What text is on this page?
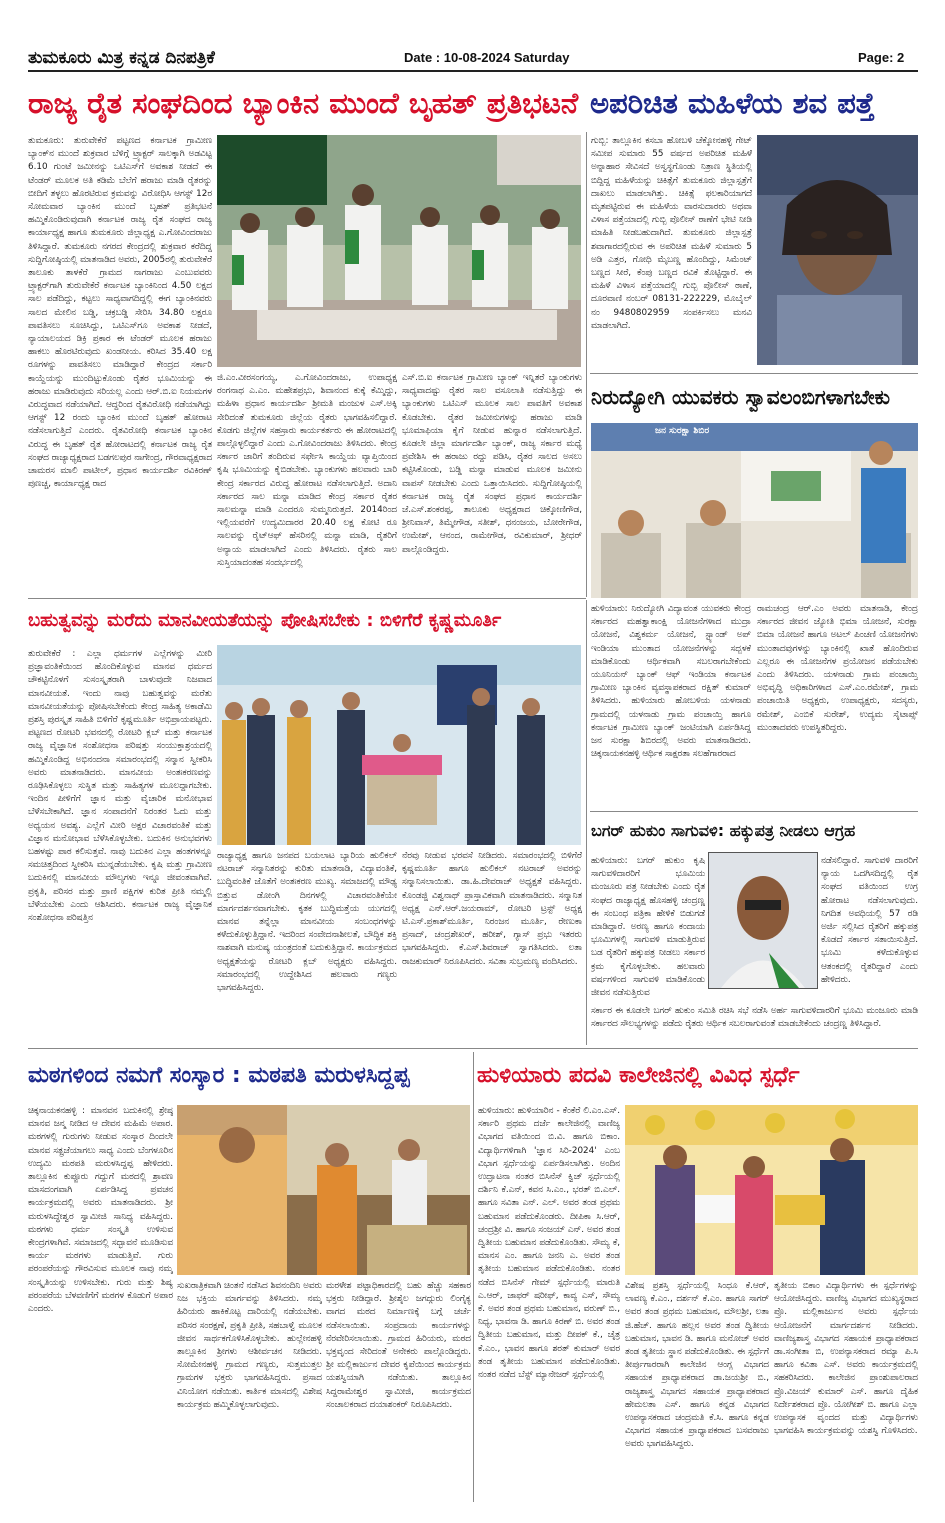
ತುಮಕೂರು ಮಿತ್ರ ಕನ್ನಡ ದಿನಪತ್ರಿಕೆ	Date : 10-08-2024 Saturday	Page: 2
ರಾಜ್ಯ ರೈತ ಸಂಘದಿಂದ ಬ್ಯಾಂಕಿನ ಮುಂದೆ ಬೃಹತ್ ಪ್ರತಿಭಟನೆ ಅಪರಿಚಿತ ಮಹಿಳೆಯ ಶವ ಪತ್ತೆ

ತುಮಕೂರು: ತುರುವೇಕೆರೆ ಪಟ್ಟಣದ ಕರ್ನಾಟಕ ಗ್ರಾಮೀಣ ಬ್ಯಾಂಕ್‌ನ ಮುಂದೆ ಶುಕ್ರವಾರ ಬೆಳಿಗ್ಗೆ ಟ್ರ್ಯಾಕ್ಟರ್ ಸಾಲಕ್ಕಾಗಿ ಅಡವಿಟ್ಟ 6.10 ಗುಂಟೆ ಜಮೀನನ್ನು ಒಟಿಎಸ್‌ಗೆ ಅವಕಾಶ ನೀಡದೆ ಈ ಟೆಂಡರ್ ಮೂಲಕ ಅತಿ ಕಡಿಮೆ ಬೆಲೆಗೆ ಹರಾಜು ಮಾಡಿ ರೈತರನ್ನು ಬೀದಿಗೆ ತಳ್ಳಲು ಹೊರಟಿರುವ ಕ್ರಮವನ್ನು ವಿರೋಧಿಸಿ ಆಗಸ್ಟ್ 12ರ ಸೋಮವಾರ ಬ್ಯಾಂಕಿನ ಮುಂದೆ ಬೃಹತ್ ಪ್ರತಿಭಟನೆ ಹಮ್ಮಿಕೊಂಡಿರುವುದಾಗಿ ಕರ್ನಾಟಕ ರಾಜ್ಯ ರೈತ ಸಂಘದ ರಾಜ್ಯ ಕಾರ್ಯಾಧ್ಯಕ್ಷ ಹಾಗೂ ತುಮಕೂರು ಜಿಲ್ಲಾಧ್ಯಕ್ಷ ಎ.ಗೋವಿಂದರಾಜು ತಿಳಿಸಿದ್ದಾರೆ. ತುಮಕೂರು ನಗರದ ಕೇಂದ್ರದಲ್ಲಿ ಶುಕ್ರವಾರ ಕರೆದಿದ್ದ ಸುದ್ದಿಗೋಷ್ಠಿಯಲ್ಲಿ ಮಾತನಾಡಿದ ಅವರು, 2005ರಲ್ಲಿ ತುರುವೇಕೆರೆ ತಾಲೂಕು ತಾಳಕೆರೆ ಗ್ರಾಮದ ನಾಗರಾಜು ಎಂಬುವವರು ಟ್ರ್ಯಾಕ್ಟರ್‌ಗಾಗಿ ತುರುವೇಕೆರೆ ಕರ್ನಾಟಕ ಬ್ಯಾಂಕಿನಿಂದ 4.50 ಲಕ್ಷದ ಸಾಲ ಪಡೆದಿದ್ದು, ಕಟ್ಟಲು ಸಾಧ್ಯವಾಗದಿದ್ದಲ್ಲಿ ಈಗ ಬ್ಯಾಂಕಿನವರು ಸಾಲದ ಮೇಲಿನ ಬಡ್ಡಿ, ಚಕ್ರಬಡ್ಡಿ ಸೇರಿಸಿ 34.80 ಲಕ್ಷರೂ ಪಾವತಿಸಲು ಸೂಚಿಸಿದ್ದು, ಒಟಿಎಸ್‌ಗೂ ಅವಕಾಶ ನೀಡದೆ, ನ್ಯಾಯಾಲಯದ ಡಿಕ್ರಿ ಪ್ರಕಾರ ಈ ಟೆಂಡರ್ ಮೂಲಕ ಹರಾಜು ಹಾಕಲು ಹೊರಟಿರುವುದು ಖಂಡನೀಯ. ಕರಿಸಿದ 35.40 ಲಕ್ಷ ರೂಗಳನ್ನು ಪಾವತಿಸಲು ಮಾಡಿದ್ದಾರೆ ಕೇಂದ್ರದ ಸರ್ಕಾರಿ ಕಾಯ್ದೆಯನ್ನು ಮುಂದಿಟ್ಟುಕೊಂಡು ರೈತರ ಭೂಮಿಯನ್ನು ಈ ಹರಾಜು ಮಾಡಿರುವುದು ಸರಿಯಲ್ಲ ಎಂದು ಆರ್.ಬಿ.ಐ ನಿಯಮಗಳ ವಿರುದ್ಧವಾದ ನಡೆಯಾಗಿದೆ. ಆದ್ದರಿಂದ ರೈತವಿರೋಧಿ ನಡೆಯಾಗಿದ್ದು ಆಗಸ್ಟ್ 12 ರಂದು ಬ್ಯಾಂಕಿನ ಮುಂದೆ ಬೃಹತ್ ಹೋರಾಟ ನಡೆಸಲಾಗುತ್ತಿದೆ ಎಂದರು. ರೈತವಿರೋಧಿ ಕರ್ನಾಟಕ ಬ್ಯಾಂಕಿನ ವಿರುದ್ಧ ಈ ಬೃಹತ್ ರೈತ ಹೋರಾಟದಲ್ಲಿ ಕರ್ನಾಟಕ ರಾಜ್ಯ ರೈತ ಸಂಘದ ರಾಜ್ಯಾಧ್ಯಕ್ಷರಾದ ಬಡಗಲಪುರ ನಾಗೇಂದ್ರ, ಗೌರವಾಧ್ಯಕ್ಷರಾದ ಚಾಮರಸ ಮಾಲಿ ಪಾಟೀಲ್, ಪ್ರಧಾನ ಕಾರ್ಯದರ್ಶಿ ರವಿಕಿರಣ್ ಪುಣಚ್ಚ, ಕಾರ್ಯಾಧ್ಯಕ್ಷ ರಾದ

ಜಿ.ಎಂ.ವೀರಸಂಗಯ್ಯ, ಎ.ಗೋವಿಂದರಾಜು, ಉಪಾಧ್ಯಕ್ಷ ರಂಗನಾಥ ಎ.ಎಂ. ಮಹೇಶಪ್ರಭು, ಶಿವಾನಂದ ಕುಕ್ಕೆ ಕೆಮ್ಮಿದ್ದು, ಮಹಿಳಾ ಪ್ರಧಾನ ಕಾರ್ಯದರ್ಶಿ ಶ್ರೀಮತಿ ಮಂಜುಳ ಎಸ್.ಅಕ್ಕಿ ಸೇರಿದಂತೆ ತುಮಕೂರು ಜಿಲ್ಲೆಯ ರೈತರು ಭಾಗವಹಿಸಲಿದ್ದಾರೆ. ಕೊಡಗು ಜಿಲ್ಲೆಗಳ ಸಹಸ್ರಾರು ಕಾರ್ಯಕರ್ತರು ಈ ಹೋರಾಟದಲ್ಲಿ ಪಾಲ್ಗೊಳ್ಳಲಿದ್ದಾರೆ ಎಂದು ಎ.ಗೋವಿಂದರಾಜು ತಿಳಿಸಿದರು. ಕೇಂದ್ರ ಸರ್ಕಾರ ಜಾರಿಗೆ ತಂದಿರುವ ಸರ್ಫೇಸಿ ಕಾಯ್ದೆಯ ವ್ಯಾಪ್ತಿಯಿಂದ ಕೃಷಿ ಭೂಮಿಯನ್ನು ಕೈಬಿಡಬೇಕು. ಬ್ಯಾಂಕುಗಳು ಹಲವಾರು ಬಾರಿ ಕೇಂದ್ರ ಸರ್ಕಾರದ ವಿರುದ್ಧ ಹೋರಾಟ ನಡೆಸಲಾಗುತ್ತಿದೆ. ಅದಾನಿ ಸರ್ಕಾರದ ಸಾಲ ಮನ್ನಾ ಮಾಡಿದ ಕೇಂದ್ರ ಸರ್ಕಾರ ರೈತರ ಸಾಲಮನ್ನಾ ಮಾಡಿ ಎಂದರೂ ಸುಮ್ಮನಿರುತ್ತದೆ. 2014ರಿಂದ ಇಲ್ಲಿಯವರೆಗೆ ಉದ್ಯಮಿದಾರರ 20.40 ಲಕ್ಷ ಕೋಟಿ ರೂ ಸಾಲವನ್ನು ರೈಟ್‌ಆಫ್ ಹೆಸರಿನಲ್ಲಿ ಮನ್ನಾ ಮಾಡಿ, ರೈತರಿಗೆ ಅನ್ಯಾಯ ಮಾಡಲಾಗಿದೆ ಎಂದು ತಿಳಿಸಿದರು. ರೈತರು ಸಾಲ ಸುಸ್ತಿಯಾದಂತಹ ಸಂದರ್ಭದಲ್ಲಿ

ಎಸ್.ಬಿ.ಐ ಕರ್ನಾಟಕ ಗ್ರಾಮೀಣ ಬ್ಯಾಂಕ್ ಇನ್ನಿತರೆ ಬ್ಯಾಂಕುಗಳು ಸಾಧ್ಯವಾದಷ್ಟು ರೈತರ ಸಾಲ ವಸೂಲಾತಿ ನಡೆಸುತ್ತಿದ್ದು ಈ ಬ್ಯಾಂಕುಗಳು ಒಟಿಎಸ್ ಮೂಲಕ ಸಾಲ ಪಾವತಿಗೆ ಅವಕಾಶ ಕೊಡಬೇಕು. ರೈತರ ಜಮೀನುಗಳನ್ನು ಹರಾಜು ಮಾಡಿ ಭೂಮಾಫಿಯಾ ಕೈಗೆ ನೀಡುವ ಹುನ್ನಾರ ನಡೆಸಲಾಗುತ್ತಿದೆ. ಕೂಡಲೇ ಜಿಲ್ಲಾ ಮಾರ್ಗದರ್ಶಿ ಬ್ಯಾಂಕ್, ರಾಜ್ಯ ಸರ್ಕಾರ ಮಧ್ಯೆ ಪ್ರವೇಶಿಸಿ ಈ ಹರಾಜು ರದ್ದು ಪಡಿಸಿ, ರೈತರ ಸಾಲದ ಅಸಲು ಕಟ್ಟಿಸಿಕೊಂಡು, ಬಡ್ಡಿ ಮನ್ನಾ ಮಾಡುವ ಮೂಲಕ ಜಮೀನು ವಾಪಸ್ ನೀಡಬೇಕು ಎಂದು ಒತ್ತಾಯಿಸಿದರು. ಸುದ್ದಿಗೋಷ್ಠಿಯಲ್ಲಿ ಕರ್ನಾಟಕ ರಾಜ್ಯ ರೈತ ಸಂಘದ ಪ್ರಧಾನ ಕಾರ್ಯದರ್ಶಿ ಜೆ.ಎಸ್.ಶಂಕರಪ್ಪ, ತಾಲೂಕು ಅಧ್ಯಕ್ಷರಾದ ಚಿಕ್ಕೋಣಿಗೌಡ, ಶ್ರೀನಿವಾಸ್, ತಿಮ್ಮೇಗೌಡ, ಸತೀಶ್, ಧನಂಜಯ, ಬೋರೇಗೌಡ, ಉಮೇಶ್, ಆನಂದ, ರಾಮೇಗೌಡ, ರವಿಕುಮಾರ್, ಶ್ರೀಧರ್ ಪಾಲ್ಗೊಂಡಿದ್ದರು.

ಗುಬ್ಬಿ: ತಾಲ್ಲೂಕಿನ ಕಸಬಾ ಹೋಬಳಿ ಚೆಕ್ಕೋನಹಳ್ಳಿ ಗೇಟ್ ಸಮೀಪ ಸುಮಾರು 55 ವರ್ಷದ ಅಪರಿಚಿತ ಮಹಿಳೆ ಅನ್ನಾಹಾರ ಸೇವಿಸದೆ ಅಸ್ವಸ್ಥಗೊಂಡು ನಿತ್ರಾಣ ಸ್ಥಿತಿಯಲ್ಲಿ ಬಿದ್ದಿದ್ದ ಮಹಿಳೆಯನ್ನು ಚಿಕಿತ್ಸೆಗೆ ತುಮಕೂರು ಜಿಲ್ಲಾಸ್ಪತ್ರೆಗೆ ದಾಖಲು ಮಾಡಲಾಗಿತ್ತು. ಚಿಕಿತ್ಸೆ ಫಲಕಾರಿಯಾಗದೆ ಮೃತಪಟ್ಟಿರುವ ಈ ಮಹಿಳೆಯ ವಾರಸುದಾರರು ಅಥವಾ ವಿಳಾಸ ಪತ್ತೆಯಾದಲ್ಲಿ ಗುಬ್ಬಿ ಪೊಲೀಸ್ ಠಾಣೆಗೆ ಭೇಟಿ ನೀಡಿ ಮಾಹಿತಿ ನೀಡಬಹುದಾಗಿದೆ. ತುಮಕೂರು ಜಿಲ್ಲಾಸ್ಪತ್ರೆ ಶವಾಗಾರದಲ್ಲಿರುವ ಈ ಅಪರಿಚಿತ ಮಹಿಳೆ ಸುಮಾರು 5 ಅಡಿ ಎತ್ತರ, ಗೋಧಿ ಮೈಬಣ್ಣ ಹೊಂದಿದ್ದು, ಸಿಮೆಂಟ್ ಬಣ್ಣದ ಸೀರೆ, ಕೆಂಪು ಬಣ್ಣದ ರವಿಕೆ ತೊಟ್ಟಿದ್ದಾರೆ. ಈ ಮಹಿಳೆ ವಿಳಾಸ ಪತ್ತೆಯಾದಲ್ಲಿ ಗುಬ್ಬಿ ಪೊಲೀಸ್ ಠಾಣೆ, ದೂರವಾಣಿ ನಂಬರ್ 08131-222229, ಮೊಬೈಲ್ ನಂ 9480802959 ಸಂಪರ್ಕಿಸಲು ಮನವಿ ಮಾಡಲಾಗಿದೆ.

ನಿರುದ್ಯೋಗಿ ಯುವಕರು ಸ್ವಾವಲಂಬಿಗಳಾಗಬೇಕು
ಜನ ಸುರಕ್ಷಾ ಶಿಬಿರ
ಬಹುತ್ವವನ್ನು ಮರೆದು ಮಾನವೀಯತೆಯನ್ನು ಪೋಷಿಸಬೇಕು : ಬಿಳಿಗೆರೆ ಕೃಷ್ಣಮೂರ್ತಿ

ತುರುವೇಕೆರೆ : ಎಲ್ಲಾ ಧರ್ಮಗಳ ಎಲ್ಲೆಗಳನ್ನು ಮೀರಿ ಪ್ರಜ್ಞಾವಂತಿಕೆಯಿಂದ ಹೊಂದಿಕೊಳ್ಳುವ ಮಾನವ ಧರ್ಮದ ಚೌಕಟ್ಟಿನೊಳಗೆ ಸುಸಂಸ್ಕೃತರಾಗಿ ಬಾಳುವುದೇ ನಿಜವಾದ ಮಾನವೀಯತೆ. ಇಂದು ನಾವು ಬಹುತ್ವವನ್ನು ಮರೆತು ಮಾನವೀಯತೆಯನ್ನು ಪೋಷಿಸಬೇಕೆಂದು ಕೇಂದ್ರ ಸಾಹಿತ್ಯ ಅಕಾಡೆಮಿ ಪ್ರಶಸ್ತಿ ಪುರಸ್ಕೃತ ಸಾಹಿತಿ ಬಿಳಿಗೆರೆ ಕೃಷ್ಣಮೂರ್ತಿ ಅಭಿಪ್ರಾಯಪಟ್ಟರು. ಪಟ್ಟಣದ ರೋಟರಿ ಭವನದಲ್ಲಿ ರೋಟರಿ ಕ್ಲಬ್ ಮತ್ತು ಕರ್ನಾಟಕ ರಾಜ್ಯ ವೈಜ್ಞಾನಿಕ ಸಂಶೋಧನಾ ಪರಿಷತ್ತು ಸಂಯುಕ್ತಾಶ್ರಯದಲ್ಲಿ ಹಮ್ಮಿಕೊಂಡಿದ್ದ ಅಭಿನಂದನಾ ಸಮಾರಂಭದಲ್ಲಿ ಸನ್ಮಾನ ಸ್ವೀಕರಿಸಿ ಅವರು ಮಾತನಾಡಿದರು. ಮಾನವೀಯ ಅಂತಃಕರಣವನ್ನು ರೂಢಿಸಿಕೊಳ್ಳಲು ಸುಸ್ಥಿತ ಮತ್ತು ಸಾಹಿತ್ಯಗಳ ಮೂಲದ್ದಾಗಬೇಕು. ಇಂದಿನ ಪೀಳಿಗೆಗೆ ಜ್ಞಾನ ಮತ್ತು ವೈಚಾರಿಕ ಮನೋಭಾವ ಬೆಳೆಸಬೇಕಾಗಿದೆ. ಜ್ಞಾನ ಸಂಪಾದನೆಗೆ ನಿರಂತರ ಓದು ಮತ್ತು ಅಧ್ಯಯನ ಅವಶ್ಯ. ಎಲ್ಲೆಗೆ ಮೀರಿ ಅಕ್ಷರ ವಿಚಾರವಂತಿಕೆ ಮತ್ತು ವಿಜ್ಞಾನ ಮನೋಭಾವ ಬೆಳೆಸಿಕೊಳ್ಳಬೇಕು. ಬದುಕಿನ ಅನುಭವಗಳು ಬಹಳಷ್ಟು ಪಾಠ ಕಲಿಸುತ್ತವೆ. ನಾವು ಬದುಕಿನ ಎಲ್ಲಾ ಹಂತಗಳನ್ನೂ ಸಮಚಿತ್ತದಿಂದ ಸ್ವೀಕರಿಸಿ ಮುನ್ನಡೆಯಬೇಕು. ಕೃಷಿ ಮತ್ತು ಗ್ರಾಮೀಣ ಬದುಕಿನಲ್ಲಿ ಮಾನವೀಯ ಮೌಲ್ಯಗಳು ಇನ್ನೂ ಜೀವಂತವಾಗಿವೆ. ಪ್ರಕೃತಿ, ಪರಿಸರ ಮತ್ತು ಪ್ರಾಣಿ ಪಕ್ಷಿಗಳ ಕುರಿತ ಪ್ರೀತಿ ನಮ್ಮಲ್ಲಿ ಬೆಳೆಯಬೇಕು ಎಂದು ಆಶಿಸಿದರು. ಕರ್ನಾಟಕ ರಾಜ್ಯ ವೈಜ್ಞಾನಿಕ ಸಂಶೋಧನಾ ಪರಿಷತ್ತಿನ

ರಾಜ್ಯಾಧ್ಯಕ್ಷ ಹಾಗೂ ಜನಪದ ಬಯಲಾಟ ಬ್ಯಾರಿಯ ಹುಲಿಕಲ್ ನಟರಾಜ್ ಸನ್ಮಾನಿತರನ್ನು ಕುರಿತು ಮಾತನಾಡಿ, ವಿದ್ಯಾವಂತಿಕೆ, ಬುದ್ಧಿವಂತಿಕೆ ಜೊತೆಗೆ ಅಂತಃಕರಣ ಮುಖ್ಯ. ಸಮಾಜದಲ್ಲಿ ಮೌಢ್ಯ ಬಿತ್ತುವ ಡೋಂಗಿ ದಿನಗಳಲ್ಲಿ ವಿಚಾರವಂತಿಕೆಯೇ ಮಾರ್ಗದರ್ಶನವಾಗಬೇಕು. ಕೃತಕ ಬುದ್ಧಿಮತ್ತೆಯ ಯುಗದಲ್ಲಿ ಮಾನವ ತನ್ನೆಲ್ಲಾ ಮಾನವೀಯ ಸಂಬಂಧಗಳನ್ನು ಕಳೆದುಕೊಳ್ಳುತ್ತಿದ್ದಾನೆ. ಇದರಿಂದ ಸಂವೇದನಾಶೀಲತೆ, ಬೌದ್ಧಿಕ ಶಕ್ತಿ ನಾಶವಾಗಿ ಮನುಷ್ಯ ಯಂತ್ರದಂತೆ ಬದುಕುತ್ತಿದ್ದಾನೆ. ಕಾರ್ಯಕ್ರಮದ ಅಧ್ಯಕ್ಷತೆಯನ್ನು ರೋಟರಿ ಕ್ಲಬ್ ಅಧ್ಯಕ್ಷರು ವಹಿಸಿದ್ದರು. ಸಮಾರಂಭದಲ್ಲಿ ಉದ್ದೇಶಿಸಿದ ಹಲವಾರು ಗಣ್ಯರು ಭಾಗವಹಿಸಿದ್ದರು.

ನೆರವು ನೀಡುವ ಭರವಸೆ ನೀಡಿದರು. ಸಮಾರಂಭದಲ್ಲಿ ಬಿಳಿಗೆರೆ ಕೃಷ್ಣಮೂರ್ತಿ ಹಾಗೂ ಹುಲಿಕಲ್ ನಟರಾಜ್ ಅವರನ್ನು ಸನ್ಮಾನಿಸಲಾಯಿತು. ಡಾ.ಹಿ.ದೇವರಾಜ್ ಅಧ್ಯಕ್ಷತೆ ವಹಿಸಿದ್ದರು. ಕೊಂಡಜ್ಜಿ ವಿಶ್ವನಾಥ್ ಪ್ರಾಸ್ತಾವಿಕವಾಗಿ ಮಾತನಾಡಿದರು. ಸನ್ಮಾನಿತ ಅಧ್ಯಕ್ಷ ಎನ್.ಆರ್.ಜಯರಾಮ್, ರೋಟರಿ ಟ್ರಸ್ಟ್ ಅಧ್ಯಕ್ಷ ಟಿ.ಎಸ್.ಪ್ರಕಾಶ್‌ಮೂರ್ತಿ, ನಿರಂಜನ ಮೂರ್ತಿ, ರೇಣುಕಾ ಪ್ರಸಾದ್, ಚಂದ್ರಶೇಖರ್, ಹರೀಶ್, ಗ್ಯಾಸ್ ಪ್ರಭು ಇತರರು ಭಾಗವಹಿಸಿದ್ದರು. ಕೆ.ಎಸ್.ಶಿವರಾಜ್ ಸ್ವಾಗತಿಸಿದರು. ಲತಾ ರಾಜಕುಮಾರ್ ನಿರೂಪಿಸಿದರು. ಸವಿತಾ ಸುಬ್ರಮಣ್ಯ ವಂದಿಸಿದರು.

ಹುಳಿಯಾರು: ನಿರುದ್ಯೋಗಿ ವಿದ್ಯಾವಂತ ಯುವಕರು ಕೇಂದ್ರ ಸರ್ಕಾರದ ಮಹತ್ವಾಕಾಂಕ್ಷಿ ಯೋಜನೆಗಳಾದ ಮುದ್ರಾ ಯೋಜನೆ, ವಿಶ್ವಕರ್ಮ ಯೋಜನೆ, ಸ್ಟ್ಯಾಂಡ್ ಅಪ್ ಇಂಡಿಯಾ ಮುಂತಾದ ಯೋಜನೆಗಳನ್ನು ಸದ್ಬಳಕೆ ಮಾಡಿಕೊಂಡು ಆರ್ಥಿಕವಾಗಿ ಸಬಲರಾಗಬೇಕೆಂದು ಯೂನಿಯನ್ ಬ್ಯಾಂಕ್ ಆಫ್ ಇಂಡಿಯಾ ಕರ್ನಾಟಕ ಗ್ರಾಮೀಣ ಬ್ಯಾಂಕಿನ ವ್ಯವಸ್ಥಾಪಕರಾದ ರಕ್ಷಿತ್ ಕುಮಾರ್ ತಿಳಿಸಿದರು. ಹುಳಿಯಾರು ಹೋಬಳಿಯ ಯಳನಾಡು ಗ್ರಾಮದಲ್ಲಿ ಯಳನಾಡು ಗ್ರಾಮ ಪಂಚಾಯ್ತಿ ಹಾಗೂ ಕರ್ನಾಟಕ ಗ್ರಾಮೀಣ ಬ್ಯಾಂಕ್ ಜಂಟಿಯಾಗಿ ಏರ್ಪಡಿಸಿದ್ದ ಜನ ಸುರಕ್ಷಾ ಶಿಬಿರದಲ್ಲಿ ಅವರು ಮಾತನಾಡಿದರು. ಚಿಕ್ಕನಾಯಕನಹಳ್ಳಿ ಆರ್ಥಿಕ ಸಾಕ್ಷರತಾ ಸಲಹೆಗಾರರಾದ

ರಾಮಚಂದ್ರ ಆರ್.ಎಂ ಅವರು ಮಾತನಾಡಿ, ಕೇಂದ್ರ ಸರ್ಕಾರದ ಜೀವನ ಜ್ಯೋತಿ ಭಿಮಾ ಯೋಜನೆ, ಸುರಕ್ಷಾ ಬಿಮಾ ಯೋಜನೆ ಹಾಗೂ ಅಟಲ್ ಪಿಂಚಣಿ ಯೋಜನೆಗಳು ಮುಂತಾದವುಗಳನ್ನು ಬ್ಯಾಂಕಿನಲ್ಲಿ ಖಾತೆ ಹೊಂದಿರುವ ಎಲ್ಲರೂ ಈ ಯೋಜನೆಗಳ ಪ್ರಯೋಜನ ಪಡೆಯಬೇಕು ಎಂದು ತಿಳಿಸಿದರು. ಯಳನಾಡು ಗ್ರಾಮ ಪಂಚಾಯ್ತಿ ಅಭಿವೃದ್ಧಿ ಅಧಿಕಾರಿಗಳಾದ ಎಸ್.ಎಂ.ರಮೇಶ್, ಗ್ರಾಮ ಪಂಚಾಯಿತಿ ಅಧ್ಯಕ್ಷರು, ಉಪಾಧ್ಯಕ್ಷರು, ಸದಸ್ಯರು, ರಮೇಶ್, ಎಂಬಿಕೆ ಸುರೇಶ್, ಉದ್ಯಮ ಸೈಟಾಪ್ಸ್ ಮುಂತಾದವರು ಉಪಸ್ಥಿತರಿದ್ದರು.

ಬಗರ್ ಹುಕುಂ ಸಾಗುವಳಿ: ಹಕ್ಕುಪತ್ರ ನೀಡಲು ಆಗ್ರಹ

ಹುಳಿಯಾರು: ಬಗರ್ ಹುಕುಂ ಕೃಷಿ ಸಾಗುವಳಿದಾರರಿಗೆ ಭೂಮಿಯ ಮಂಜೂರು ಪತ್ರ ನೀಡಬೇಕು ಎಂದು ರೈತ ಸಂಘದ ರಾಜ್ಯಾಧ್ಯಕ್ಷ ಹೊಸಹಳ್ಳಿ ಚಂದ್ರಣ್ಣ ಈ ಸಂಬಂಧ ಪತ್ರಿಕಾ ಹೇಳಿಕೆ ಬಿಡುಗಡೆ ಮಾಡಿದ್ದಾರೆ. ಅರಣ್ಯ ಹಾಗೂ ಕಂದಾಯ ಭೂಮಿಗಳಲ್ಲಿ ಸಾಗುವಳಿ ಮಾಡುತ್ತಿರುವ ಬಡ ರೈತರಿಗೆ ಹಕ್ಕುಪತ್ರ ನೀಡಲು ಸರ್ಕಾರ ಕ್ರಮ ಕೈಗೊಳ್ಳಬೇಕು. ಹಲವಾರು ವರ್ಷಗಳಿಂದ ಸಾಗುವಳಿ ಮಾಡಿಕೊಂಡು ಜೀವನ ನಡೆಸುತ್ತಿರುವ

ನಡೆಸಲಿದ್ದಾರೆ. ಸಾಗುವಳಿ ದಾರರಿಗೆ ನ್ಯಾಯ ಒದಗಿಸದಿದ್ದಲ್ಲಿ ರೈತ ಸಂಘದ ವತಿಯಿಂದ ಉಗ್ರ ಹೋರಾಟ ನಡೆಸಲಾಗುವುದು. ನಿಗದಿತ ಅವಧಿಯಲ್ಲಿ 57 ರಡಿ ಅರ್ಜಿ ಸಲ್ಲಿಸಿದ ರೈತರಿಗೆ ಹಕ್ಕುಪತ್ರ ಕೊಡದೆ ಸರ್ಕಾರ ಸತಾಯಿಸುತ್ತಿದೆ. ಭೂಮಿ ಕಳೆದುಕೊಳ್ಳುವ ಆತಂಕದಲ್ಲಿ ರೈತರಿದ್ದಾರೆ ಎಂದು ಹೇಳಿದರು.

ಸರ್ಕಾರ ಈ ಕೂಡಲೇ ಬಗರ್ ಹುಕುಂ ಸಮಿತಿ ರಚಿಸಿ ಸಭೆ ನಡೆಸಿ ಅರ್ಹ ಸಾಗುವಳಿದಾರರಿಗೆ ಭೂಮಿ ಮಂಜೂರು ಮಾಡಿ ಸರ್ಕಾರದ ಸೌಲಭ್ಯಗಳನ್ನು ಪಡೆದು ರೈತರು ಆರ್ಥಿಕ ಸಬಲರಾಗುವಂತೆ ಮಾಡಬೇಕೆಂದು ಚಂದ್ರಣ್ಣ ತಿಳಿಸಿದ್ದಾರೆ.

ಮಠಗಳಿಂದ ನಮಗೆ ಸಂಸ್ಕಾರ : ಮಠಪತಿ ಮರುಳಸಿದ್ದಪ್ಪ	ಹುಳಿಯಾರು ಪದವಿ ಕಾಲೇಜಿನಲ್ಲಿ ವಿವಿಧ ಸ್ಪರ್ಧೆ

ಚಿಕ್ಕನಾಯಕನಹಳ್ಳಿ : ಮಾನವನ ಬದುಕಿನಲ್ಲಿ ಶ್ರೇಷ್ಠ ಮಾನವ ಜನ್ಮ ನೀಡಿದ ಆ ದೇವನ ಮಹಿಮೆ ಅಪಾರ. ಮಠಗಳಲ್ಲಿ ಗುರುಗಳು ನೀಡುವ ಸಂಸ್ಕಾರ ದಿಂದಲೇ ಮಾನವ ಸತ್ಪ್ರಜೆಯಾಗಲು ಸಾಧ್ಯ ಎಂದು ಬೆಂಗಳೂರಿನ ಉದ್ಯಮಿ ಮಠಪತಿ ಮರುಳಸಿದ್ದಪ್ಪ ಹೇಳಿದರು. ತಾಲ್ಲೂಕಿನ ಕುಪ್ಪೂರು ಗದ್ದುಗೆ ಮಠದಲ್ಲಿ ಶ್ರಾವಣ ಮಾಸದಂಗವಾಗಿ ಏರ್ಪಡಿಸಿದ್ದ ಪ್ರವಚನ ಕಾರ್ಯಕ್ರಮದಲ್ಲಿ ಅವರು ಮಾತನಾಡಿದರು. ಶ್ರೀ ಮರುಳಸಿದ್ಧೇಶ್ವರ ಸ್ವಾಮೀಜಿ ಸಾನಿಧ್ಯ ವಹಿಸಿದ್ದರು. ಮಠಗಳು ಧರ್ಮ ಸಂಸ್ಕೃತಿ ಉಳಿಸುವ ಕೇಂದ್ರಗಳಾಗಿವೆ. ಸಮಾಜದಲ್ಲಿ ಸದ್ಭಾವನೆ ಮೂಡಿಸುವ ಕಾರ್ಯ ಮಠಗಳು ಮಾಡುತ್ತಿವೆ. ಗುರು ಪರಂಪರೆಯನ್ನು ಗೌರವಿಸುವ ಮೂಲಕ ನಾವು ನಮ್ಮ ಸಂಸ್ಕೃತಿಯನ್ನು ಉಳಿಸಬೇಕು. ಗುರು ಮತ್ತು ಶಿಷ್ಯ ಪರಂಪರೆಯ ಬೆಳವಣಿಗೆಗೆ ಮಠಗಳ ಕೊಡುಗೆ ಅಪಾರ ಎಂದರು.

ಸುಖರಾತ್ರಿಕವಾಗಿ ಚಿಂತನೆ ನಡೆಸಿದ ಶಿವನಂದಿನಿ ಅವರು ನಿಜ ಭಕ್ತಿಯ ಮಾರ್ಗವನ್ನು ತಿಳಿಸಿದರು. ನಮ್ಮ ಹಿರಿಯರು ಹಾಕಿಕೊಟ್ಟ ದಾರಿಯಲ್ಲಿ ನಡೆಯಬೇಕು. ಪರಿಸರ ಸಂರಕ್ಷಣೆ, ಪ್ರಕೃತಿ ಪ್ರೀತಿ, ಸಹಬಾಳ್ವೆ ಮೂಲಕ ಜೀವನ ಸಾರ್ಥಕಗೊಳಿಸಿಕೊಳ್ಳಬೇಕು. ಹುಲ್ಲೇನಹಳ್ಳಿ ತಾಲ್ಲೂಕಿನ ಶ್ರೀಗಳು ಆಶೀರ್ವಚನ ನೀಡಿದರು. ಸೋಮೇನಹಳ್ಳಿ ಗ್ರಾಮದ ಗಣ್ಯರು, ಸುತ್ತಮುತ್ತಲ ಗ್ರಾಮಗಳ ಭಕ್ತರು ಭಾಗವಹಿಸಿದ್ದರು. ಪ್ರಸಾದ ವಿನಿಯೋಗ ನಡೆಯಿತು. ಕಾರ್ತಿಕ ಮಾಸದಲ್ಲಿ ವಿಶೇಷ ಕಾರ್ಯಕ್ರಮ ಹಮ್ಮಿಕೊಳ್ಳಲಾಗುವುದು.

ಮರಳೇಶ ಪಟ್ಟಾಧಿಕಾರದಲ್ಲಿ ಬಹು ಹೆಚ್ಚು ಸಹಕಾರ ಭಕ್ತರು ನೀಡಿದ್ದಾರೆ. ಶ್ರೀಶೈಲ ಜಗದ್ಗುರು ಲಿಂಗೈಕ್ಯ ವಾಗದ ಮಠದ ನಿರ್ಮಾಣಕ್ಕೆ ಬಗ್ಗೆ ಚರ್ಚೆ ನಡೆಸಲಾಯಿತು. ಸಂಪ್ರದಾಯ ಕಾರ್ಯಗಳನ್ನು ನೆರವೇರಿಸಲಾಯಿತು. ಗ್ರಾಮದ ಹಿರಿಯರು, ಮಠದ ಭಕ್ತವೃಂದ ಸೇರಿದಂತೆ ಅನೇಕರು ಪಾಲ್ಗೊಂಡಿದ್ದರು. ಶ್ರೀ ಮಲ್ಲಿಕಾರ್ಜುನ ದೇವರ ಕೃಪೆಯಿಂದ ಕಾರ್ಯಕ್ರಮ ಯಶಸ್ವಿಯಾಗಿ ನಡೆಯಿತು. ತಾಲ್ಲೂಕಿನ ಸಿದ್ದರಾಮೇಶ್ವರ ಸ್ವಾಮೀಜಿ, ಕಾರ್ಯಕ್ರಮದ ಸಂಚಾಲಕರಾದ ದಯಾಶಂಕರ್ ನಿರೂಪಿಸಿದರು.

ಹುಳಿಯಾರು: ಹುಳಿಯಾರಿನ - ಕೆಂಕೆರೆ ಲಿ.ಎಂ.ಎಸ್. ಸರ್ಕಾರಿ ಪ್ರಥಮ ದರ್ಜೆ ಕಾಲೇಜಿನಲ್ಲಿ ವಾಣಿಜ್ಯ ವಿಭಾಗದ ವತಿಯಿಂದ ಬಿ.ವಿ. ಹಾಗೂ ಬಿಕಾಂ. ವಿದ್ಯಾರ್ಥಿಗಳಿಗಾಗಿ 'ಜ್ಞಾನ ಸಿರಿ-2024' ಎಂಬ ವಿಭಾಗ ಸ್ಪರ್ಧೆಯನ್ನು ಏರ್ಪಡಿಸಲಾಗಿತ್ತು. ಅಂದಿನ ಉದ್ಘಾಟನಾ ನಂತರ ಬಿಸಿನೆಸ್ ಕ್ವಿಜ್ ಸ್ಪರ್ಧೆಯಲ್ಲಿ ದರ್ಶಿನಿ ಕೆ.ಎನ್, ಕವನ ಸಿ.ಎಂ., ಭರತ್ ಬಿ.ಎಲ್. ಹಾಗೂ ಸವಿತಾ ಎನ್. ಎಲ್. ಅವರ ತಂಡ ಪ್ರಥಮ ಬಹುಮಾನ ಪಡೆದುಕೊಂಡರು. ದೀಪಿಕಾ ಸಿ.ಆರ್, ಚಂದ್ರಶ್ರೀ ವಿ. ಹಾಗೂ ಸಂಜಯ್ ಎನ್. ಅವರ ತಂಡ ದ್ವಿತೀಯ ಬಹುಮಾನ ಪಡೆದುಕೊಂಡಿತು. ಸೌಮ್ಯ ಕೆ, ಮಾನಸ ಎಂ. ಹಾಗೂ ಜನನಿ ಎ. ಅವರ ತಂಡ ತೃತೀಯ ಬಹುಮಾನ ಪಡೆದುಕೊಂಡಿತು. ನಂತರ ನಡೆದ ಬಿಸಿನೆಸ್ ಗೇಮ್ ಸ್ಪರ್ಧೆಯಲ್ಲಿ ಮಾರುತಿ ಎ.ಆರ್, ಜಾಫರ್ ಷರೀಫ್, ಕಾವ್ಯ ಎಸ್, ಸೌಮ್ಯ ಕೆ. ಅವರ ತಂಡ ಪ್ರಥಮ ಬಹುಮಾನ, ವರುಣ್ ಬಿ., ನಿಧ್ಯ, ಭಾವನಾ ಡಿ. ಹಾಗೂ ಕಿರಣ್ ಬಿ. ಅವರ ತಂಡ ದ್ವಿತೀಯ ಬಹುಮಾನ, ಮತ್ತು ದೀಪಕ್ ಕೆ., ಚೈತ್ರ ಕೆ.ಎಂ., ಭಾವನ ಹಾಗೂ ಶರತ್ ಕುಮಾರ್ ಅವರ ತಂಡ ತೃತೀಯ ಬಹುಮಾನ ಪಡೆದುಕೊಂಡಿತು. ನಂತರ ನಡೆದ ಬೆಸ್ಟ್ ಮ್ಯಾನೇಜರ್ ಸ್ಪರ್ಧೆಯಲ್ಲಿ

ವಿಶೇಷ ಪ್ರಶಸ್ತಿ ಸ್ಪರ್ಧೆಯಲ್ಲಿ ಸಿಂಧೂ ಕೆ.ಆರ್, ಲಾವಣ್ಯ ಕೆ.ಎಂ., ದರ್ಶನ್ ಕೆ.ಎಂ. ಹಾಗೂ ಸಾಗರ್ ಅವರ ತಂಡ ಪ್ರಥಮ ಬಹುಮಾನ, ಮೌಲಶ್ರೀ, ಲತಾ ಜಿ.ಹೆಚ್. ಹಾಗೂ ಹಲ್ಲನ ಅವರ ತಂಡ ದ್ವಿತೀಯ ಬಹುಮಾನ, ಭಾವನ ಡಿ. ಹಾಗೂ ಮನೋಜ್ ಅವರ ತಂಡ ತೃತೀಯ ಸ್ಥಾನ ಪಡೆದುಕೊಂಡಿತು. ಈ ಸ್ಪರ್ಧೆಗೆ ತೀರ್ಪುಗಾರರಾಗಿ ಕಾಲೇಜಿನ ಆಂಗ್ಲ ವಿಭಾಗದ ಸಹಾಯಕ ಪ್ರಾಧ್ಯಾಪಕರಾದ ಡಾ.ಜಯಶ್ರೀ ಬಿ., ರಾಜ್ಯಶಾಸ್ತ್ರ ವಿಭಾಗದ ಸಹಾಯಕ ಪ್ರಾಧ್ಯಾಪಕರಾದ ಹೇಮಲತಾ ಎಸ್. ಹಾಗೂ ಕನ್ನಡ ವಿಭಾಗದ ಉಪನ್ಯಾಸಕರಾದ ಚಂದ್ರಮತಿ ಕೆ.ಸಿ. ಹಾಗೂ ಕನ್ನಡ ವಿಭಾಗದ ಸಹಾಯಕ ಪ್ರಾಧ್ಯಾಪಕರಾದ ಬಸವರಾಜು ಅವರು ಭಾಗವಹಿಸಿದ್ದರು.

ತೃತೀಯ ಬಿಕಾಂ ವಿದ್ಯಾರ್ಥಿಗಳು ಈ ಸ್ಪರ್ಧೆಗಳನ್ನು ಆಯೋಜಿಸಿದ್ದರು. ವಾಣಿಜ್ಯ ವಿಭಾಗದ ಮುಖ್ಯಸ್ಥರಾದ ಪ್ರೊ. ಮಲ್ಲಿಕಾರ್ಜುನ ಅವರು ಸ್ಪರ್ಧೆಯ ಆಯೋಜನೆಗೆ ಮಾರ್ಗದರ್ಶನ ನೀಡಿದರು. ವಾಣಿಜ್ಯಶಾಸ್ತ್ರ ವಿಭಾಗದ ಸಹಾಯಕ ಪ್ರಾಧ್ಯಾಪಕರಾದ ಡಾ.ಸಂಗೀತಾ ಬಿ, ಉಪನ್ಯಾಸಕರಾದ ರಮ್ಯಾ ಪಿ.ಸಿ ಹಾಗೂ ಕವಿತಾ ಎಸ್. ಅವರು ಕಾರ್ಯಕ್ರಮದಲ್ಲಿ ಸಹಕರಿಸಿದರು. ಕಾಲೇಜಿನ ಪ್ರಾಂಶುಪಾಲರಾದ ಪ್ರೊ.ವಿಜಯ್ ಕುಮಾರ್ ಎಸ್. ಹಾಗೂ ದೈಹಿಕ ನಿರ್ದೇಶಕರಾದ ಪ್ರೊ. ಯೋಗೀಶ್ ಬಿ. ಹಾಗೂ ಎಲ್ಲಾ ಉಪನ್ಯಾಸಕ ವೃಂದದ ಮತ್ತು ವಿದ್ಯಾರ್ಥಿಗಳು ಭಾಗವಹಿಸಿ ಕಾರ್ಯಕ್ರಮವನ್ನು ಯಶಸ್ವಿ ಗೊಳಿಸಿದರು.
